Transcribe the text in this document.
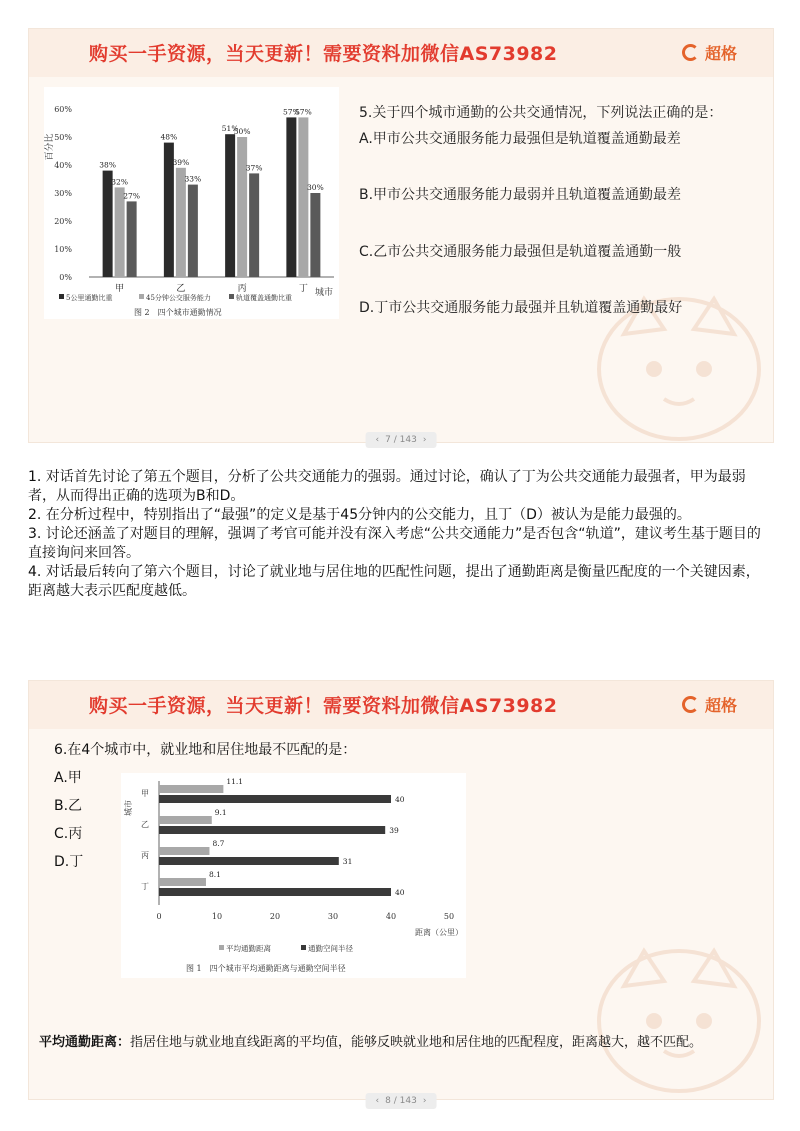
购买一手资源，当天更新！需要资料加微信AS73982	超格
百分比
0%
10%
20%
30%
40%
50%
60%
38%
32%
27%
甲
48%
39%
33%
乙
51%
50%
37%
丙
57%
57%
30%
丁 城市
5公里通勤比重	45分钟公交服务能力	轨道覆盖通勤比重
图 2　四个城市通勤情况
5.关于四个城市通勤的公共交通情况，下列说法正确的是：
A.甲市公共交通服务能力最强但是轨道覆盖通勤最差
B.甲市公共交通服务能力最弱并且轨道覆盖通勤最差
C.乙市公共交通服务能力最强但是轨道覆盖通勤一般
D.丁市公共交通服务能力最强并且轨道覆盖通勤最好
‹ 7 / 143 ›

1. 对话首先讨论了第五个题目，分析了公共交通能力的强弱。通过讨论，确认了丁为公共交通能力最强者，甲为最弱者，从而得出正确的选项为B和D。

2. 在分析过程中，特别指出了“最强”的定义是基于45分钟内的公交能力，且丁（D）被认为是能力最强的。

3. 讨论还涵盖了对题目的理解，强调了考官可能并没有深入考虑“公共交通能力”是否包含“轨道”，建议考生基于题目的直接询问来回答。

4. 对话最后转向了第六个题目，讨论了就业地与居住地的匹配性问题，提出了通勤距离是衡量匹配度的一个关键因素，距离越大表示匹配度越低。

购买一手资源，当天更新！需要资料加微信AS73982	超格
6.在4个城市中，就业地和居住地最不匹配的是：
A.甲
B.乙
C.丙
D.丁
城市
0	10	20	30	40	50
甲
11.1
40
乙
9.1
39
丙
8.7
31
丁
8.1
40
距离（公里）
平均通勤距离	通勤空间半径
图 1　四个城市平均通勤距离与通勤空间半径
平均通勤距离：指居住地与就业地直线距离的平均值，能够反映就业地和居住地的匹配程度，距离越大，越不匹配。
‹ 8 / 143 ›
